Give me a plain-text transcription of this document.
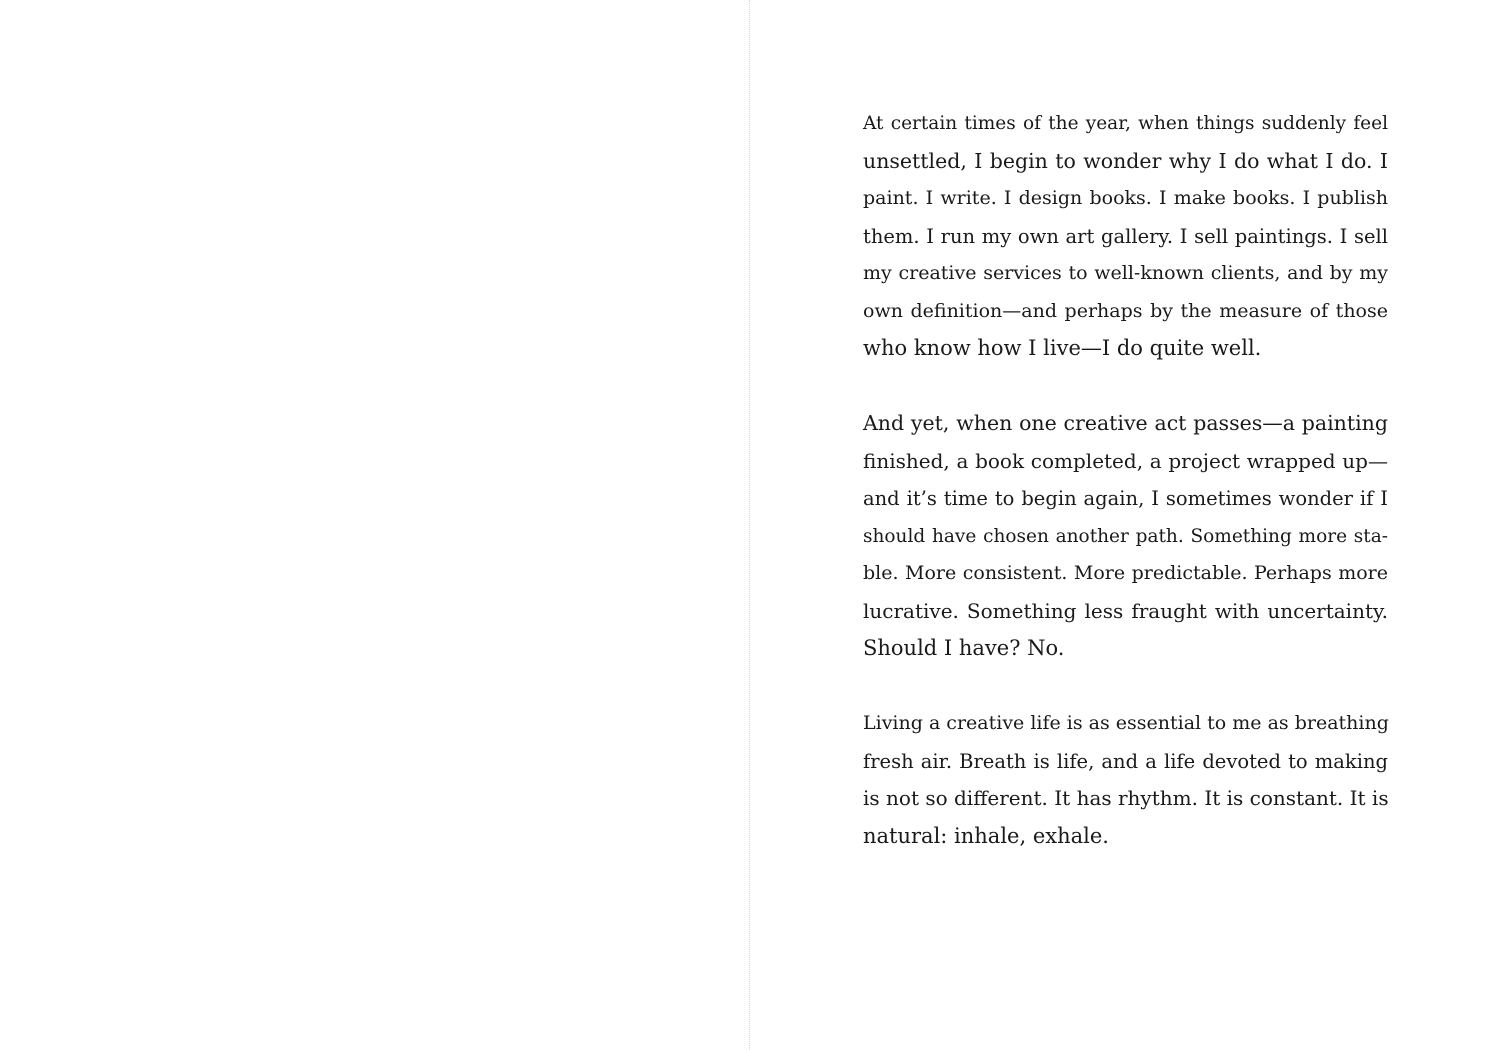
At certain times of the year, when things suddenly feel
unsettled, I begin to wonder why I do what I do. I
paint. I write. I design books. I make books. I publish
them. I run my own art gallery. I sell paintings. I sell
my creative services to well-known clients, and by my
own definition—and perhaps by the measure of those
who know how I live—I do quite well.
And yet, when one creative act passes—a painting
finished, a book completed, a project wrapped up—
and it’s time to begin again, I sometimes wonder if I
should have chosen another path. Something more sta-
ble. More consistent. More predictable. Perhaps more
lucrative. Something less fraught with uncertainty.
Should I have? No.
Living a creative life is as essential to me as breathing
fresh air. Breath is life, and a life devoted to making
is not so different. It has rhythm. It is constant. It is
natural: inhale, exhale.
